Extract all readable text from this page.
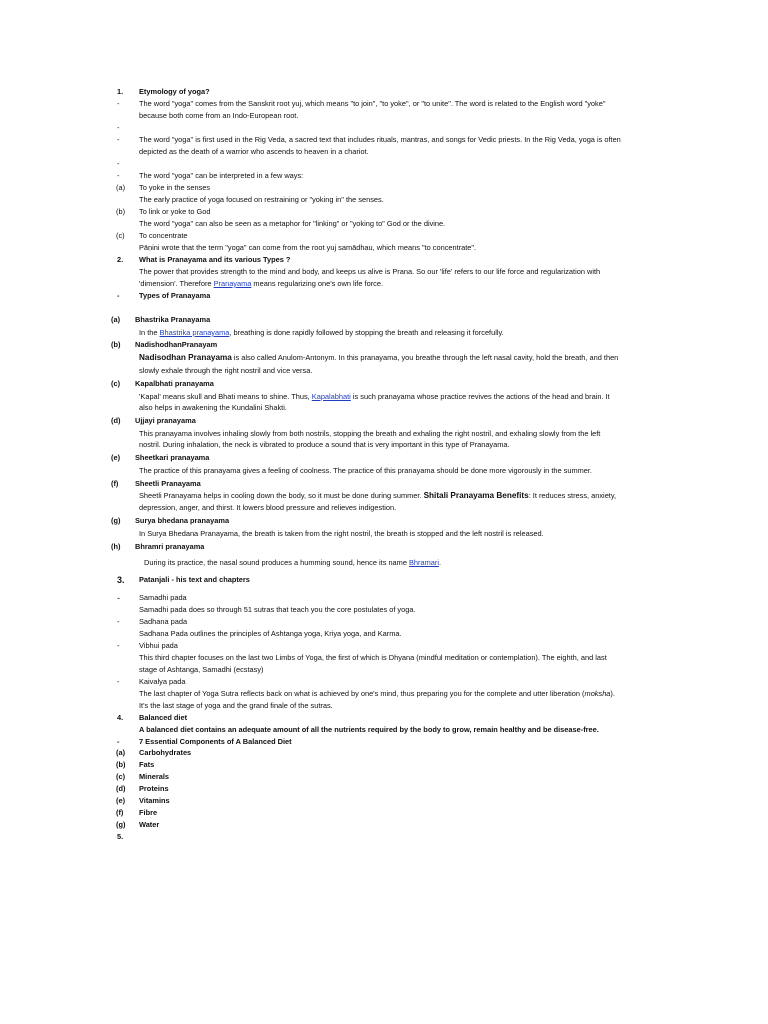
1. Etymology of yoga?
-	The word "yoga" comes from the Sanskrit root yuj, which means "to join", "to yoke", or "to unite". The word is related to the English word "yoke"
because both come from an Indo-European root.
-
-	The word "yoga" is first used in the Rig Veda, a sacred text that includes rituals, mantras, and songs for Vedic priests. In the Rig Veda, yoga is often
depicted as the death of a warrior who ascends to heaven in a chariot.
-
-	The word "yoga" can be interpreted in a few ways:
(a) To yoke in the senses
The early practice of yoga focused on restraining or "yoking in" the senses.
(b) To link or yoke to God
The word "yoga" can also be seen as a metaphor for "linking" or "yoking to" God or the divine.
(c) To concentrate
Pāṇini wrote that the term "yoga" can come from the root yuj samādhau, which means "to concentrate".
2. What is Pranayama and its various Types ?
The power that provides strength to the mind and body, and keeps us alive is Prana. So our 'life' refers to our life force and regularization with
'dimension'. Therefore Pranayama means regularizing one's own life force.
-	Types of Pranayama
(a) Bhastrika Pranayama
In the Bhastrika pranayama, breathing is done rapidly followed by stopping the breath and releasing it forcefully.
(b) NadishodhanPranayam
Nadisodhan Pranayama is also called Anulom-Antonym. In this pranayama, you breathe through the left nasal cavity, hold the breath, and then
slowly exhale through the right nostril and vice versa.
(c) Kapalbhati pranayama
'Kapal' means skull and Bhati means to shine. Thus, Kapalabhati is such pranayama whose practice revives the actions of the head and brain. It
also helps in awakening the Kundalini Shakti.
(d) Ujjayi pranayama
This pranayama involves inhaling slowly from both nostrils, stopping the breath and exhaling the right nostril, and exhaling slowly from the left
nostril. During inhalation, the neck is vibrated to produce a sound that is very important in this type of Pranayama.
(e) Sheetkari pranayama
The practice of this pranayama gives a feeling of coolness. The practice of this pranayama should be done more vigorously in the summer.
(f) Sheetli Pranayama
Sheetli Pranayama helps in cooling down the body, so it must be done during summer. Shitali Pranayama Benefits: It reduces stress, anxiety,
depression, anger, and thirst. It lowers blood pressure and relieves indigestion.
(g) Surya bhedana pranayama
In Surya Bhedana Pranayama, the breath is taken from the right nostril, the breath is stopped and the left nostril is released.
(h) Bhramri pranayama
During its practice, the nasal sound produces a humming sound, hence its name Bhramari.
3. Patanjali - his text and chapters
-	Samadhi pada
Samadhi pada does so through 51 sutras that teach you the core postulates of yoga.
-	Sadhana pada
Sadhana Pada outlines the principles of Ashtanga yoga, Kriya yoga, and Karma.
-	Vibhui pada
This third chapter focuses on the last two Limbs of Yoga, the first of which is Dhyana (mindful meditation or contemplation). The eighth, and last
stage of Ashtanga, Samadhi (ecstasy)
-	Kaivalya pada
The last chapter of Yoga Sutra reflects back on what is achieved by one's mind, thus preparing you for the complete and utter liberation (moksha).
It's the last stage of yoga and the grand finale of the sutras.
4. Balanced diet
A balanced diet contains an adequate amount of all the nutrients required by the body to grow, remain healthy and be disease-free.
-	7 Essential Components of A Balanced Diet
(a) Carbohydrates
(b) Fats
(c) Minerals
(d) Proteins
(e) Vitamins
(f) Fibre
(g) Water
5.
